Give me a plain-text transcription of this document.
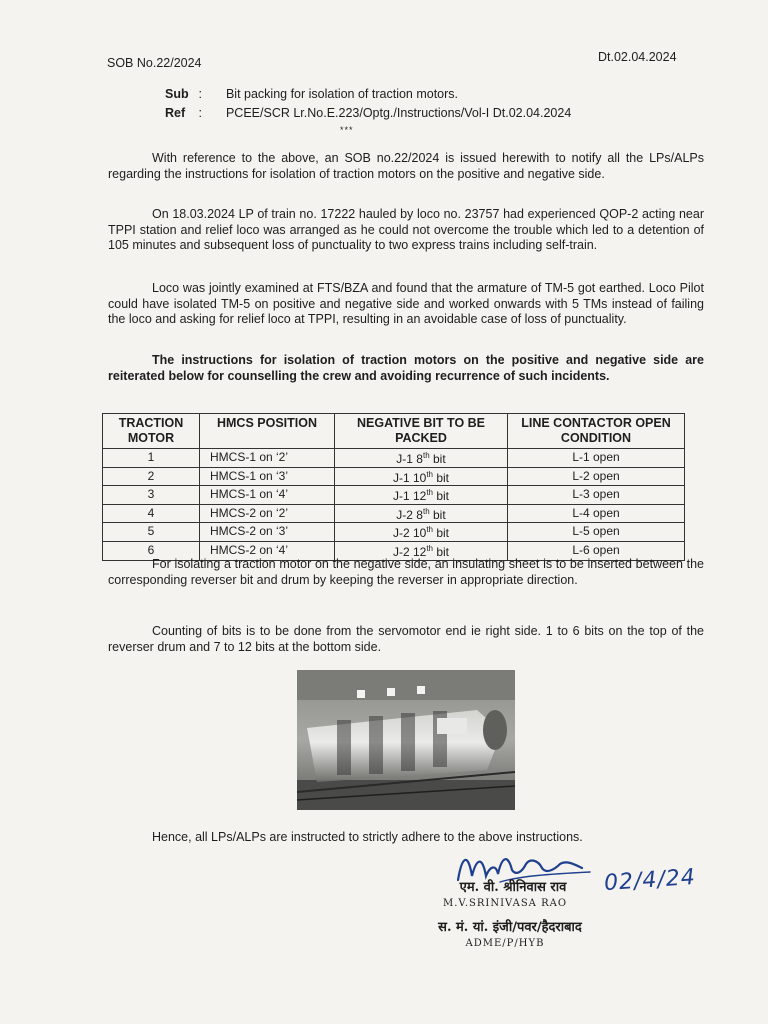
SOB No.22/2024	Dt.02.04.2024
Sub : Bit packing for isolation of traction motors.
Ref : PCEE/SCR Lr.No.E.223/Optg./Instructions/Vol-I Dt.02.04.2024
***

With reference to the above, an SOB no.22/2024 is issued herewith to notify all the LPs/ALPs regarding the instructions for isolation of traction motors on the positive and negative side.

On 18.03.2024 LP of train no. 17222 hauled by loco no. 23757 had experienced QOP-2 acting near TPPI station and relief loco was arranged as he could not overcome the trouble which led to a detention of 105 minutes and subsequent loss of punctuality to two express trains including self-train.

Loco was jointly examined at FTS/BZA and found that the armature of TM-5 got earthed. Loco Pilot could have isolated TM-5 on positive and negative side and worked onwards with 5 TMs instead of failing the loco and asking for relief loco at TPPI, resulting in an avoidable case of loss of punctuality.

The instructions for isolation of traction motors on the positive and negative side are reiterated below for counselling the crew and avoiding recurrence of such incidents.

TRACTION MOTOR	HMCS POSITION	NEGATIVE BIT TO BE PACKED	LINE CONTACTOR OPEN CONDITION
1	HMCS-1 on ‘2’	J-1 8th bit	L-1 open
2	HMCS-1 on ‘3’	J-1 10th bit	L-2 open
3	HMCS-1 on ‘4’	J-1 12th bit	L-3 open
4	HMCS-2 on ‘2’	J-2 8th bit	L-4 open
5	HMCS-2 on ‘3’	J-2 10th bit	L-5 open
6	HMCS-2 on ‘4’	J-2 12th bit	L-6 open

For isolating a traction motor on the negative side, an insulating sheet is to be inserted between the corresponding reverser bit and drum by keeping the reverser in appropriate direction.

Counting of bits is to be done from the servomotor end ie right side. 1 to 6 bits on the top of the reverser drum and 7 to 12 bits at the bottom side.

Hence, all LPs/ALPs are instructed to strictly adhere to the above instructions.

02/4/24
एम. वी. श्रीनिवास राव
M.V.SRINIVASA RAO
स. मं. यां. इंजी/पवर/हैदराबाद
ADME/P/HYB
